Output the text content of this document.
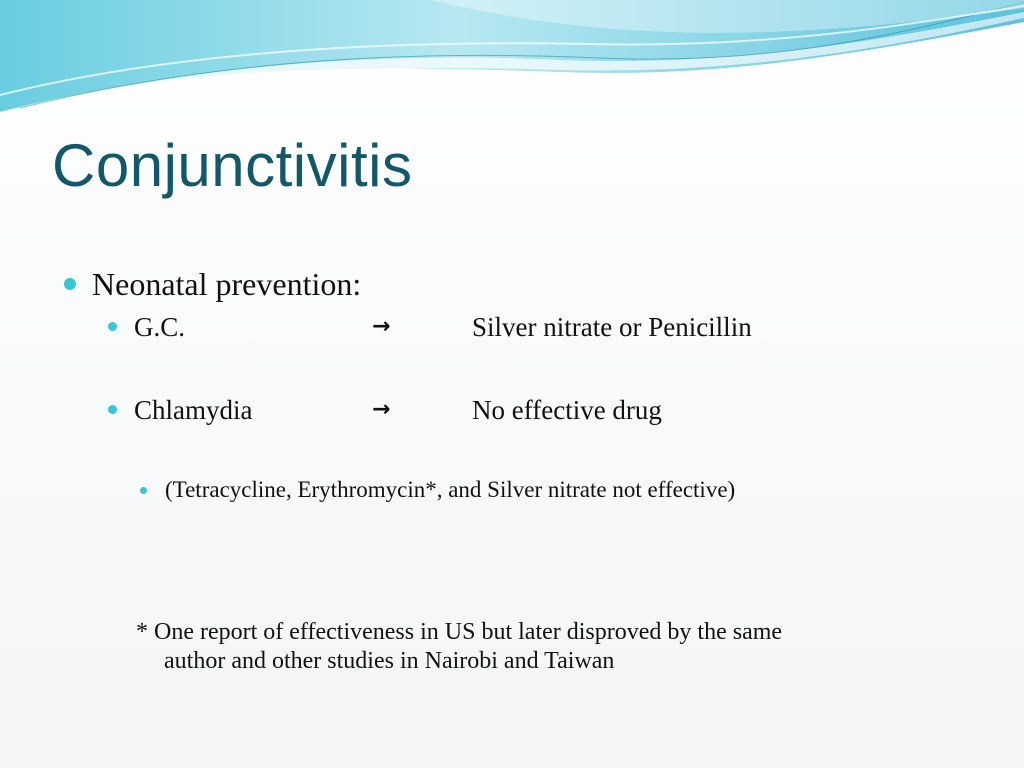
Conjunctivitis
Neonatal prevention:
G.C.	→	Silver nitrate or Penicillin
Chlamydia	→	No effective drug
(Tetracycline, Erythromycin*, and Silver nitrate not effective)
* One report of effectiveness in US but later disproved by the same
author and other studies in Nairobi and Taiwan
